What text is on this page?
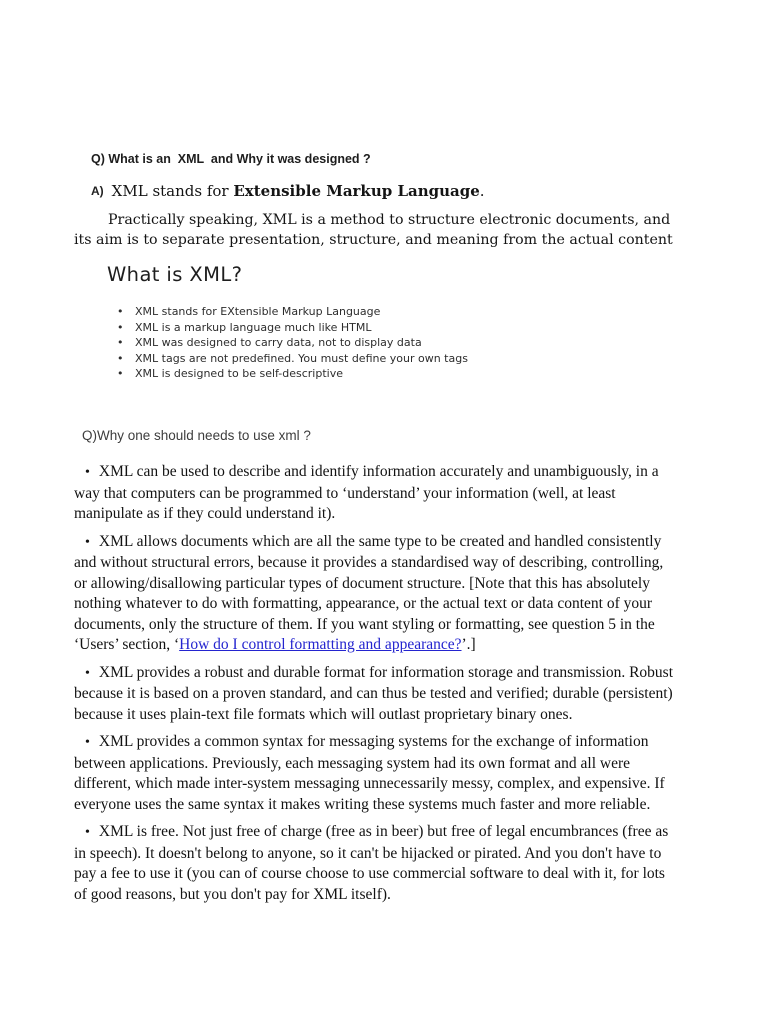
Q) What is an  XML  and Why it was designed ?
A) XML stands for Extensible Markup Language.

Practically speaking, XML is a method to structure electronic documents, and its aim is to separate presentation, structure, and meaning from the actual content

What is XML?
• XML stands for EXtensible Markup Language
• XML is a markup language much like HTML
• XML was designed to carry data, not to display data
• XML tags are not predefined. You must define your own tags
• XML is designed to be self-descriptive
Q)Why one should needs to use xml ?

• XML can be used to describe and identify information accurately and unambiguously, in a way that computers can be programmed to ‘understand’ your information (well, at least manipulate as if they could understand it).

• XML allows documents which are all the same type to be created and handled consistently and without structural errors, because it provides a standardised way of describing, controlling, or allowing/disallowing particular types of document structure. [Note that this has absolutely nothing whatever to do with formatting, appearance, or the actual text or data content of your documents, only the structure of them. If you want styling or formatting, see question 5 in the ‘Users’ section, ‘How do I control formatting and appearance?’.]

• XML provides a robust and durable format for information storage and transmission. Robust because it is based on a proven standard, and can thus be tested and verified; durable (persistent) because it uses plain-text file formats which will outlast proprietary binary ones.

• XML provides a common syntax for messaging systems for the exchange of information between applications. Previously, each messaging system had its own format and all were different, which made inter-system messaging unnecessarily messy, complex, and expensive. If everyone uses the same syntax it makes writing these systems much faster and more reliable.

• XML is free. Not just free of charge (free as in beer) but free of legal encumbrances (free as in speech). It doesn't belong to anyone, so it can't be hijacked or pirated. And you don't have to pay a fee to use it (you can of course choose to use commercial software to deal with it, for lots of good reasons, but you don't pay for XML itself).
